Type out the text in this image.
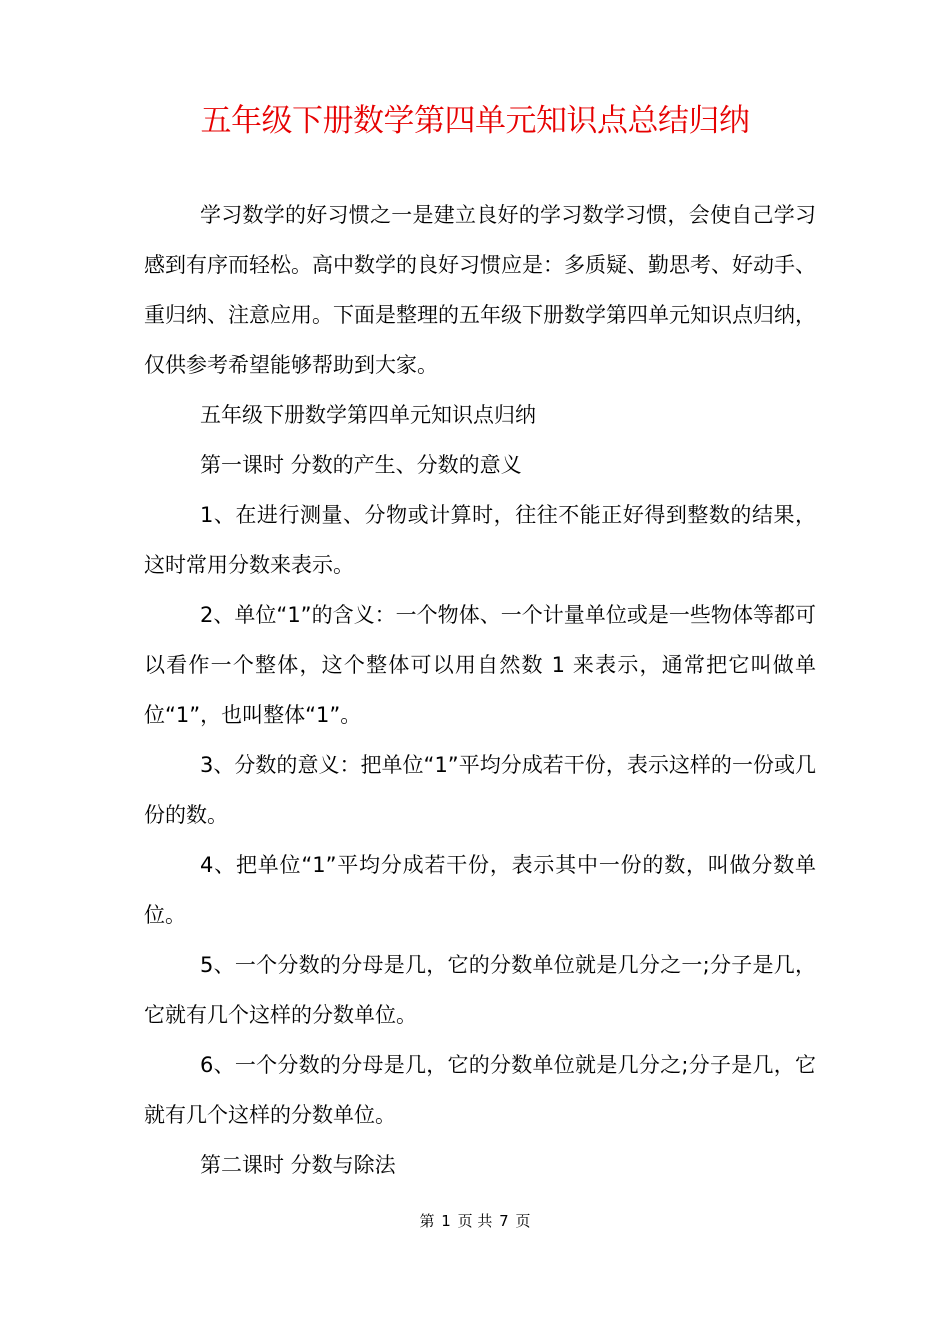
五年级下册数学第四单元知识点总结归纳

学习数学的好习惯之一是建立良好的学习数学习惯，会使自己学习感到有序而轻松。高中数学的良好习惯应是：多质疑、勤思考、好动手、重归纳、注意应用。下面是整理的五年级下册数学第四单元知识点归纳，仅供参考希望能够帮助到大家。

五年级下册数学第四单元知识点归纳

第一课时 分数的产生、分数的意义

1、在进行测量、分物或计算时，往往不能正好得到整数的结果，这时常用分数来表示。

2、单位“1”的含义：一个物体、一个计量单位或是一些物体等都可以看作一个整体，这个整体可以用自然数 1 来表示，通常把它叫做单位“1”，也叫整体“1”。

3、分数的意义：把单位“1”平均分成若干份，表示这样的一份或几份的数。

4、把单位“1”平均分成若干份，表示其中一份的数，叫做分数单位。

5、一个分数的分母是几，它的分数单位就是几分之一;分子是几，它就有几个这样的分数单位。

6、一个分数的分母是几，它的分数单位就是几分之;分子是几，它就有几个这样的分数单位。

第二课时 分数与除法

第 1 页 共 7 页
